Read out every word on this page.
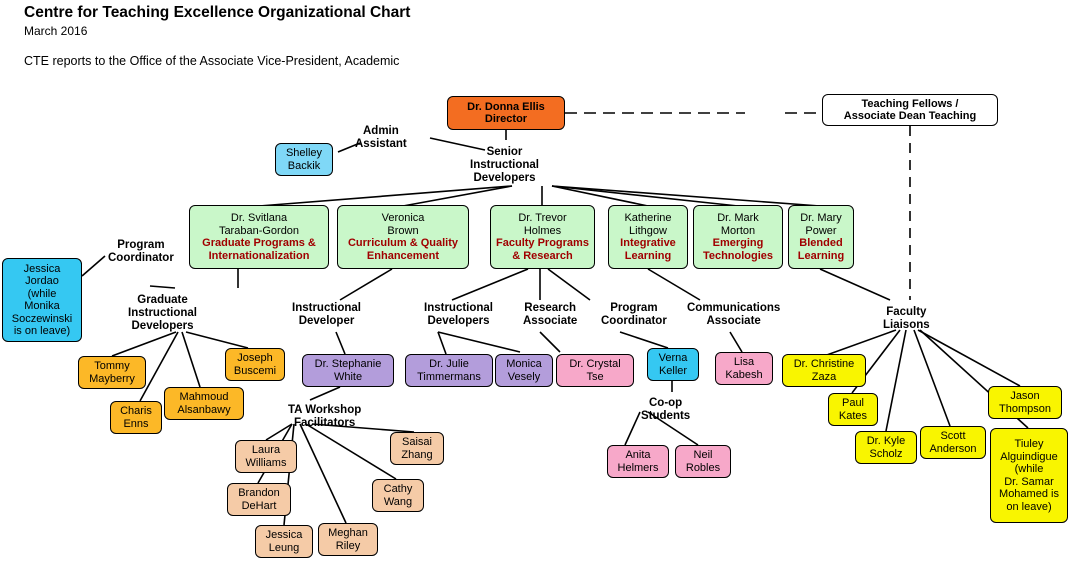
Centre for Teaching Excellence Organizational Chart
March 2016
CTE reports to the Office of the Associate Vice-President, Academic
Admin
Assistant
Senior
Instructional
Developers
Program
Coordinator
Graduate
Instructional
Developers
Instructional
Developer
Instructional
Developers
Research
Associate
Program
Coordinator
Communications
Associate
Faculty
Liaisons
TA Workshop
Facilitators
Co-op
Students
Dr. Donna Ellis
Director
Teaching Fellows /
Associate Dean Teaching
Shelley
Backik
Dr. Svitlana
Taraban-Gordon
Graduate Programs &
Internationalization
Veronica
Brown
Curriculum & Quality
Enhancement
Dr. Trevor
Holmes
Faculty Programs
& Research
Katherine
Lithgow
Integrative
Learning
Dr. Mark
Morton
Emerging
Technologies
Dr. Mary
Power
Blended
Learning
Jessica
Jordao
(while
Monika
Soczewinski
is on leave)
Tommy
Mayberry
Charis
Enns
Mahmoud
Alsanbawy
Joseph
Buscemi
Dr. Stephanie
White
Dr. Julie
Timmermans
Monica
Vesely
Dr. Crystal
Tse
Verna
Keller
Lisa
Kabesh
Dr. Christine
Zaza
Paul
Kates
Dr. Kyle
Scholz
Scott
Anderson
Jason
Thompson
Tiuley
Alguindigue
(while
Dr. Samar
Mohamed is
on leave)
Anita
Helmers
Neil
Robles
Laura
Williams
Saisai
Zhang
Brandon
DeHart
Cathy
Wang
Jessica
Leung
Meghan
Riley
